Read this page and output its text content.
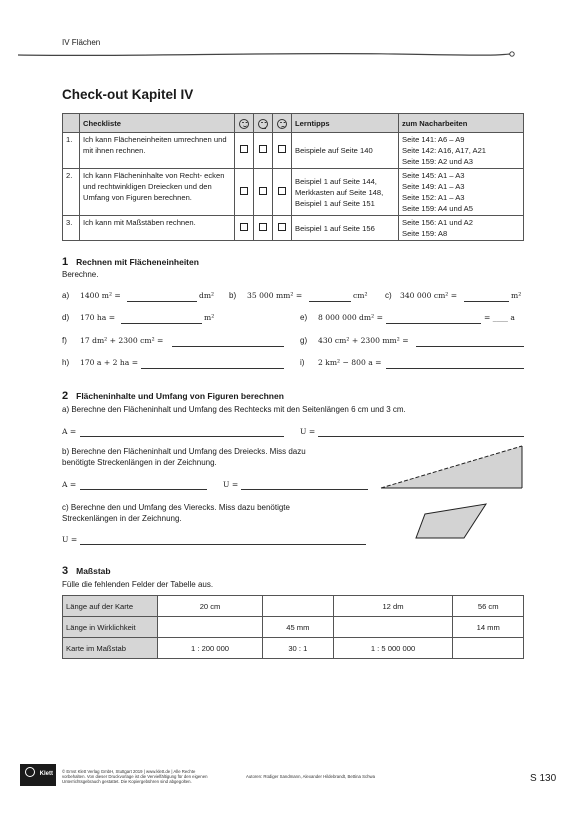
IV Flächen
Check-out Kapitel IV
	Checkliste				Lerntipps	zum Nacharbeiten
1.	Ich kann Flächeneinheiten umrechnen und mit ihnen rechnen.				Beispiele auf Seite 140	Seite 141: A6 – A9
Seite 142: A16, A17, A21
Seite 159: A2 und A3

2.	Ich kann Flächeninhalte von Recht- ecken und rechtwinkligen Dreiecken und den Umfang von Figuren berechnen.				Beispiel 1 auf Seite 144, Merkkasten auf Seite 148, Beispiel 1 auf Seite 151	Seite 145: A1 – A3
Seite 149: A1 – A3
Seite 152: A1 – A3
Seite 159: A4 und A5

3.	Ich kann mit Maßstäben rechnen.				Beispiel 1 auf Seite 156	Seite 156: A1 und A2
Seite 159: A8
1 Rechnen mit Flächeneinheiten
Berechne.
a) 1400 m² =	dm² b) 35 000 mm² =	cm² c) 340 000 cm² =	m²
d) 170 ha =	m²	e) 8 000 000 dm² =	= ____ a
f) 17 dm² + 2300 cm² =	g) 430 cm² + 2300 mm² =
h) 170 a + 2 ha =	i) 2 km² − 800 a =
2 Flächeninhalte und Umfang von Figuren berechnen
a) Berechne den Flächeninhalt und Umfang des Rechtecks mit den Seitenlängen 6 cm und 3 cm.
A =	U =
b) Berechne den Flächeninhalt und Umfang des Dreiecks. Miss dazu
benötigte Streckenlängen in der Zeichnung.
A =	U =
c) Berechne den und Umfang des Vierecks. Miss dazu benötigte
Streckenlängen in der Zeichnung.
U =
3 Maßstab
Fülle die fehlenden Felder der Tabelle aus.
Länge auf der Karte	20 cm		12 dm	56 cm
Länge in Wirklichkeit		45 mm		14 mm
Karte im Maßstab	1 : 200 000	30 : 1	1 : 5 000 000	
Klett © Ernst Klett Verlag GmbH, Stuttgart 2019 | www.klett.de | Alle Rechte
vorbehalten. Von dieser Druckvorlage ist die Vervielfältigung für den eigenen
Unterrichtsgebrauch gestattet. Die Kopiergebühren sind abgegolten.
Autoren: Rüdiger Sandmann, Alexander Hildebrandt, Bettina Schwa	S 130
